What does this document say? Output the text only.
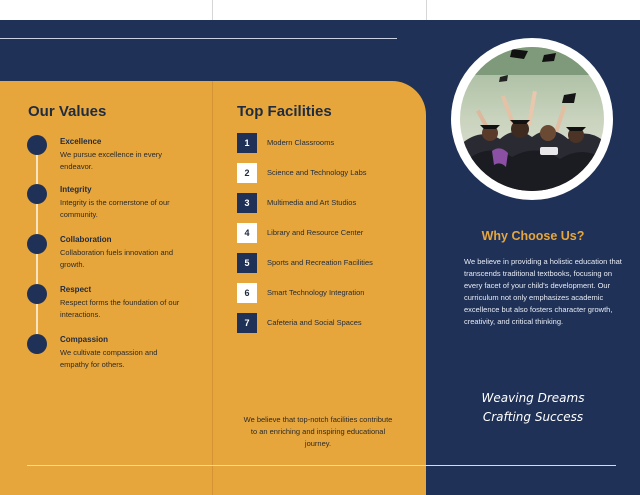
Our Values
Excellence
We pursue excellence in every endeavor.
Integrity
Integrity is the cornerstone of our community.
Collaboration
Collaboration fuels innovation and growth.
Respect
Respect forms the foundation of our interactions.
Compassion
We cultivate compassion and empathy for others.
Top Facilities
1	Modern Classrooms
2	Science and Technology Labs
3	Multimedia and Art Studios
4	Library and Resource Center
5	Sports and Recreation Facilities
6	Smart Technology Integration
7	Cafeteria and Social Spaces
We believe that top-notch facilities contribute to an enriching and inspiring educational journey.
Why Choose Us?
We believe in providing a holistic education that transcends traditional textbooks, focusing on every facet of your child's development. Our curriculum not only emphasizes academic excellence but also fosters character growth, creativity, and critical thinking.
Weaving Dreams
Crafting Success
